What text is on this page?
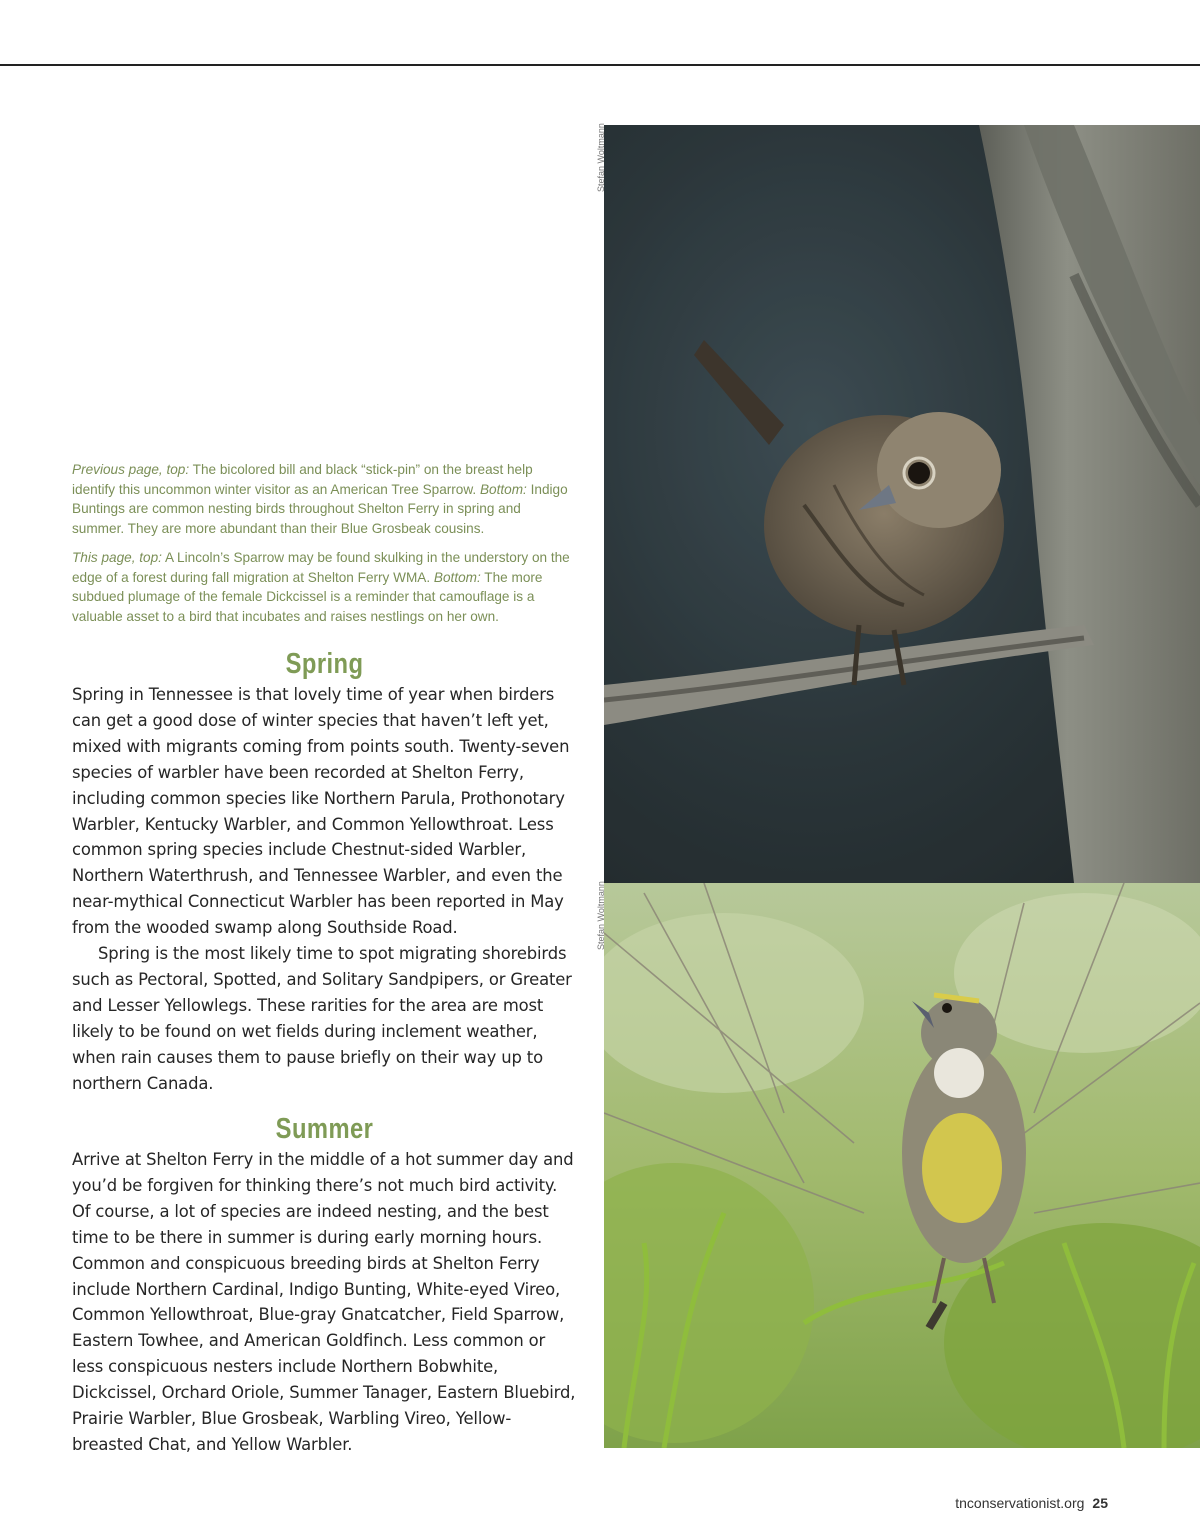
Previous page, top: The bicolored bill and black “stick-pin” on the breast help identify this uncommon winter visitor as an American Tree Sparrow. Bottom: Indigo Buntings are common nesting birds throughout Shelton Ferry in spring and summer. They are more abundant than their Blue Grosbeak cousins.

This page, top: A Lincoln’s Sparrow may be found skulking in the understory on the edge of a forest during fall migration at Shelton Ferry WMA. Bottom: The more subdued plumage of the female Dickcissel is a reminder that camouflage is a valuable asset to a bird that incubates and raises nestlings on her own.

Spring

Spring in Tennessee is that lovely time of year when birders can get a good dose of winter species that haven’t left yet, mixed with migrants coming from points south. Twenty-seven species of warbler have been recorded at Shelton Ferry, including common species like Northern Parula, Prothonotary Warbler, Kentucky Warbler, and Common Yellowthroat. Less common spring species include Chestnut-sided Warbler, Northern Waterthrush, and Tennessee Warbler, and even the near-mythical Connecticut Warbler has been reported in May from the wooded swamp along Southside Road.

Spring is the most likely time to spot migrating shorebirds such as Pectoral, Spotted, and Solitary Sandpipers, or Greater and Lesser Yellowlegs. These rarities for the area are most likely to be found on wet fields during inclement weather, when rain causes them to pause briefly on their way up to northern Canada.

Summer

Arrive at Shelton Ferry in the middle of a hot summer day and you’d be forgiven for thinking there’s not much bird activity. Of course, a lot of species are indeed nesting, and the best time to be there in summer is during early morning hours. Common and conspicuous breeding birds at Shelton Ferry include Northern Cardinal, Indigo Bunting, White-eyed Vireo, Common Yellowthroat, Blue-gray Gnatcatcher, Field Sparrow, Eastern Towhee, and American Goldfinch. Less common or less conspicuous nesters include Northern Bobwhite, Dickcissel, Orchard Oriole, Summer Tanager, Eastern Bluebird, Prairie Warbler, Blue Grosbeak, Warbling Vireo, Yellow-breasted Chat, and Yellow Warbler.

Stefan Woltmann
Stefan Woltmann
tnconservationist.org 25
